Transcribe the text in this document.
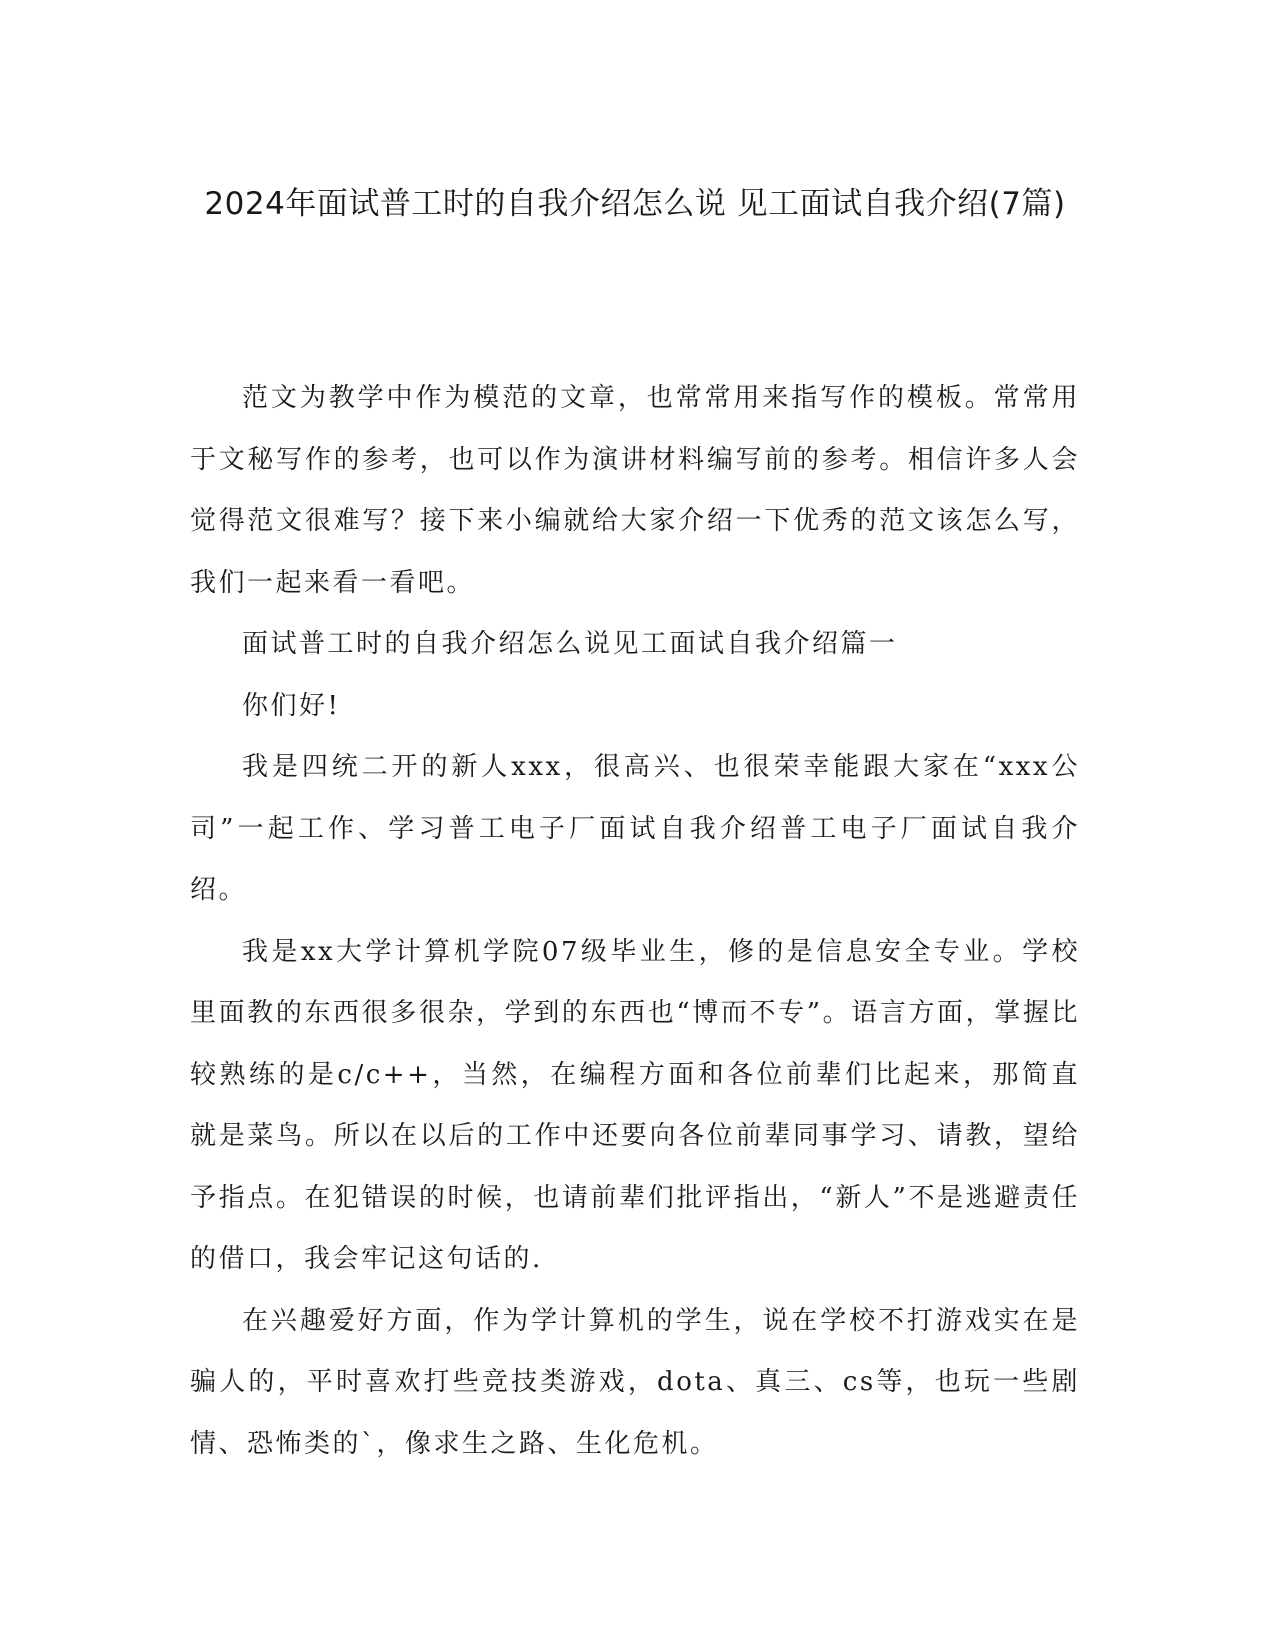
2024年面试普工时的自我介绍怎么说 见工面试自我介绍(7篇)

范文为教学中作为模范的文章，也常常用来指写作的模板。常常用于文秘写作的参考，也可以作为演讲材料编写前的参考。相信许多人会觉得范文很难写？接下来小编就给大家介绍一下优秀的范文该怎么写，我们一起来看一看吧。

面试普工时的自我介绍怎么说见工面试自我介绍篇一

你们好!

我是四统二开的新人xxx，很高兴、也很荣幸能跟大家在“xxx公司”一起工作、学习普工电子厂面试自我介绍普工电子厂面试自我介绍。

我是xx大学计算机学院07级毕业生，修的是信息安全专业。学校里面教的东西很多很杂，学到的东西也“博而不专”。语言方面，掌握比较熟练的是c/c++，当然，在编程方面和各位前辈们比起来，那简直就是菜鸟。所以在以后的工作中还要向各位前辈同事学习、请教，望给予指点。在犯错误的时候，也请前辈们批评指出，“新人”不是逃避责任的借口，我会牢记这句话的.

在兴趣爱好方面，作为学计算机的学生，说在学校不打游戏实在是骗人的，平时喜欢打些竞技类游戏，dota、真三、cs等，也玩一些剧情、恐怖类的`，像求生之路、生化危机。
